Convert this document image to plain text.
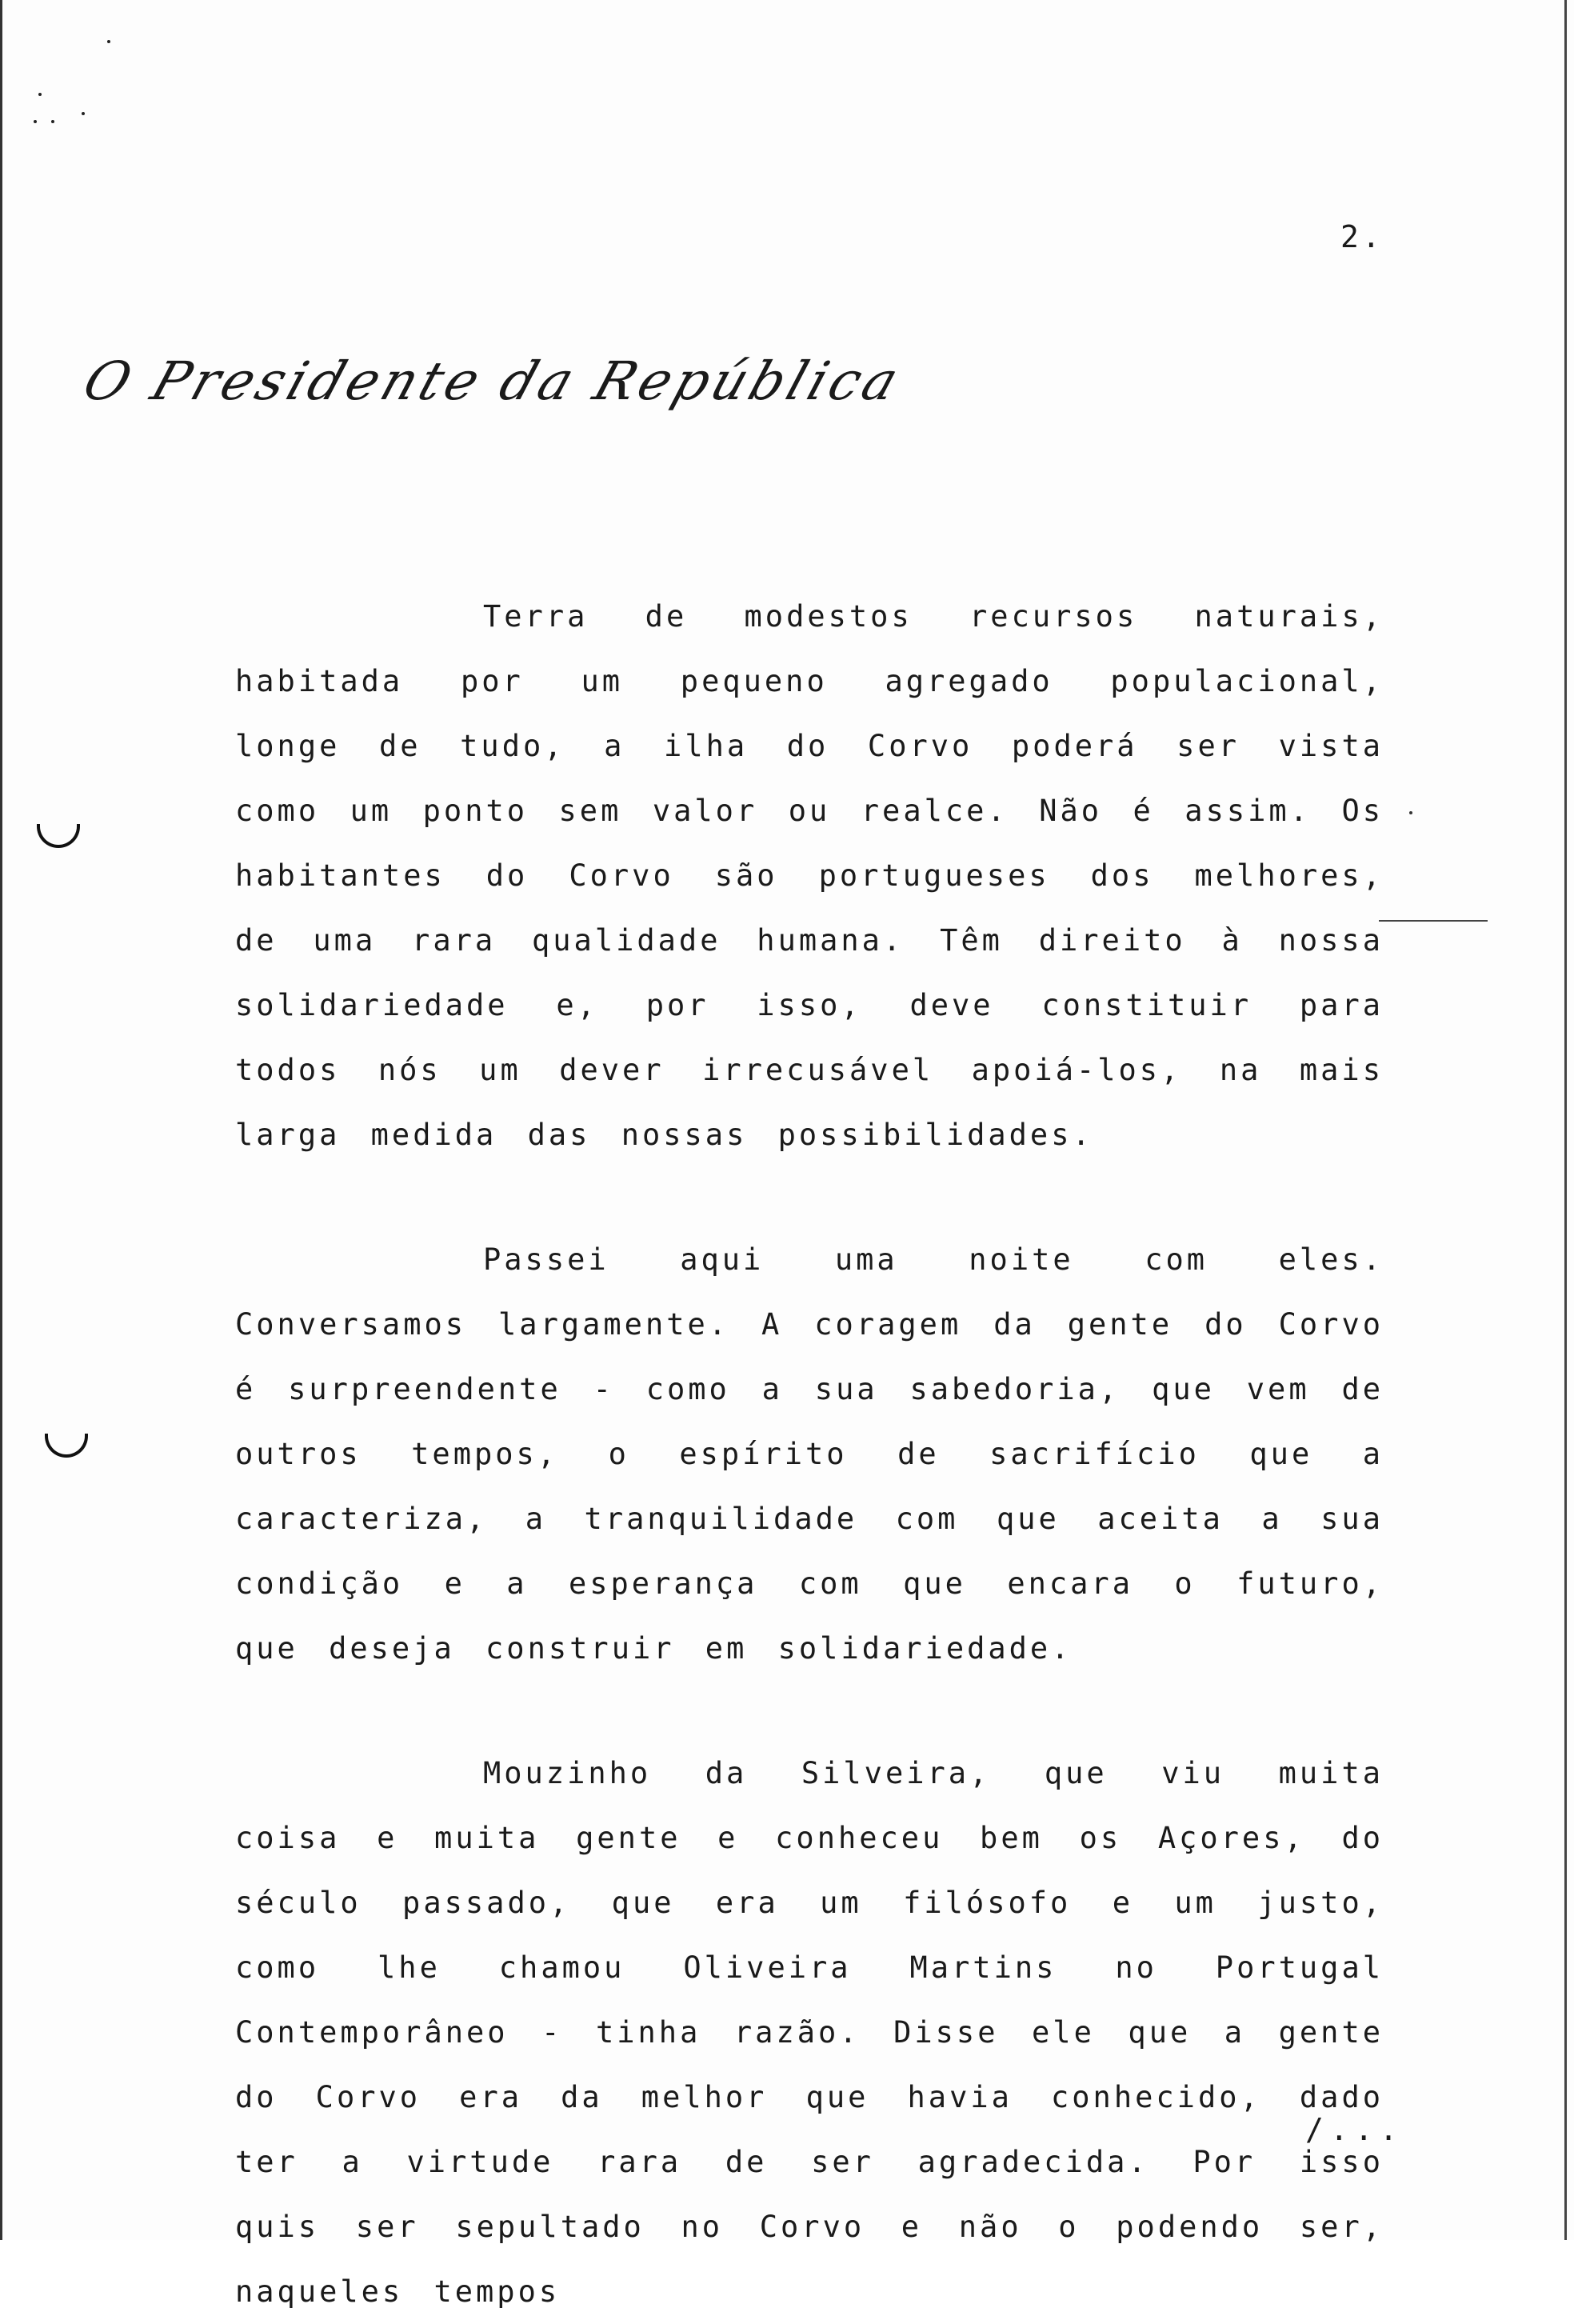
2.
O Presidente da República

Terra de modestos recursos naturais, habitada por um pequeno agregado populacional, longe de tudo, a ilha do Corvo poderá ser vista como um ponto sem valor ou realce. Não é assim. Os habitantes do Corvo são portugueses dos melhores, de uma rara qualidade humana. Têm direito à nossa solidariedade e, por isso, deve constituir para todos nós um dever irrecusável apoiá-los, na mais larga medida das nossas possibilidades.

Passei aqui uma noite com eles. Conversamos largamente. A coragem da gente do Corvo é surpreendente - como a sua sabedoria, que vem de outros tempos, o espírito de sacrifício que a caracteriza, a tranquilidade com que aceita a sua condição e a esperança com que encara o futuro, que deseja construir em solidariedade.

Mouzinho da Silveira, que viu muita coisa e muita gente e conheceu bem os Açores, do século passado, que era um filósofo e um justo, como lhe chamou Oliveira Martins no Portugal Contemporâneo - tinha razão. Disse ele que a gente do Corvo era da melhor que havia conhecido, dado ter a virtude rara de ser agradecida. Por isso quis ser sepultado no Corvo e não o podendo ser, naqueles tempos

/...
